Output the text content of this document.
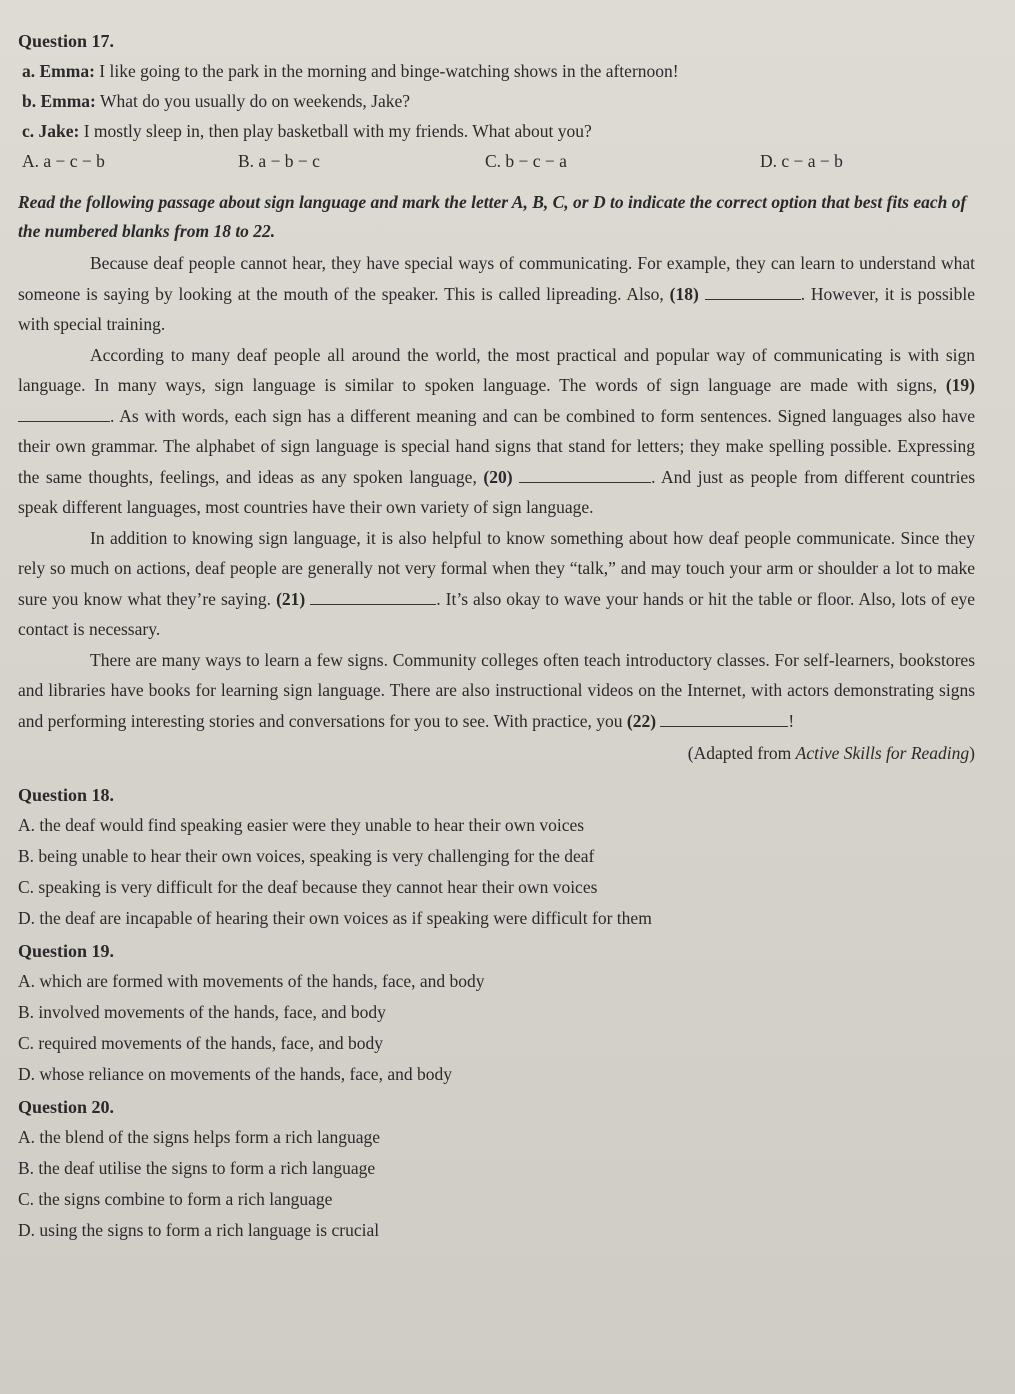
Question 17.
a. Emma: I like going to the park in the morning and binge-watching shows in the afternoon!
b. Emma: What do you usually do on weekends, Jake?
c. Jake: I mostly sleep in, then play basketball with my friends. What about you?
A. a − c − b	B. a − b − c	C. b − c − a	D. c − a − b
Read the following passage about sign language and mark the letter A, B, C, or D to indicate the correct option that best fits each of the numbered blanks from 18 to 22.

Because deaf people cannot hear, they have special ways of communicating. For example, they can learn to understand what someone is saying by looking at the mouth of the speaker. This is called lipreading. Also, (18)	. However, it is possible with special training.

According to many deaf people all around the world, the most practical and popular way of communicating is with sign language. In many ways, sign language is similar to spoken language. The words of sign language are made with signs, (19) . As with words, each sign has a different meaning and can be combined to form sentences. Signed languages also have their own grammar. The alphabet of sign language is special hand signs that stand for letters; they make spelling possible. Expressing the same thoughts, feelings, and ideas as any spoken language, (20)	. And just as people from different countries speak different languages, most countries have their own variety of sign language.

In addition to knowing sign language, it is also helpful to know something about how deaf people communicate. Since they rely so much on actions, deaf people are generally not very formal when they “talk,” and may touch your arm or shoulder a lot to make sure you know what they’re saying. (21)	. It’s also okay to wave your hands or hit the table or floor. Also, lots of eye contact is necessary.

There are many ways to learn a few signs. Community colleges often teach introductory classes. For self-learners, bookstores and libraries have books for learning sign language. There are also instructional videos on the Internet, with actors demonstrating signs and performing interesting stories and conversations for you to see. With practice, you (22)	!

(Adapted from Active Skills for Reading)
Question 18.
A. the deaf would find speaking easier were they unable to hear their own voices
B. being unable to hear their own voices, speaking is very challenging for the deaf
C. speaking is very difficult for the deaf because they cannot hear their own voices
D. the deaf are incapable of hearing their own voices as if speaking were difficult for them
Question 19.
A. which are formed with movements of the hands, face, and body
B. involved movements of the hands, face, and body
C. required movements of the hands, face, and body
D. whose reliance on movements of the hands, face, and body
Question 20.
A. the blend of the signs helps form a rich language
B. the deaf utilise the signs to form a rich language
C. the signs combine to form a rich language
D. using the signs to form a rich language is crucial
